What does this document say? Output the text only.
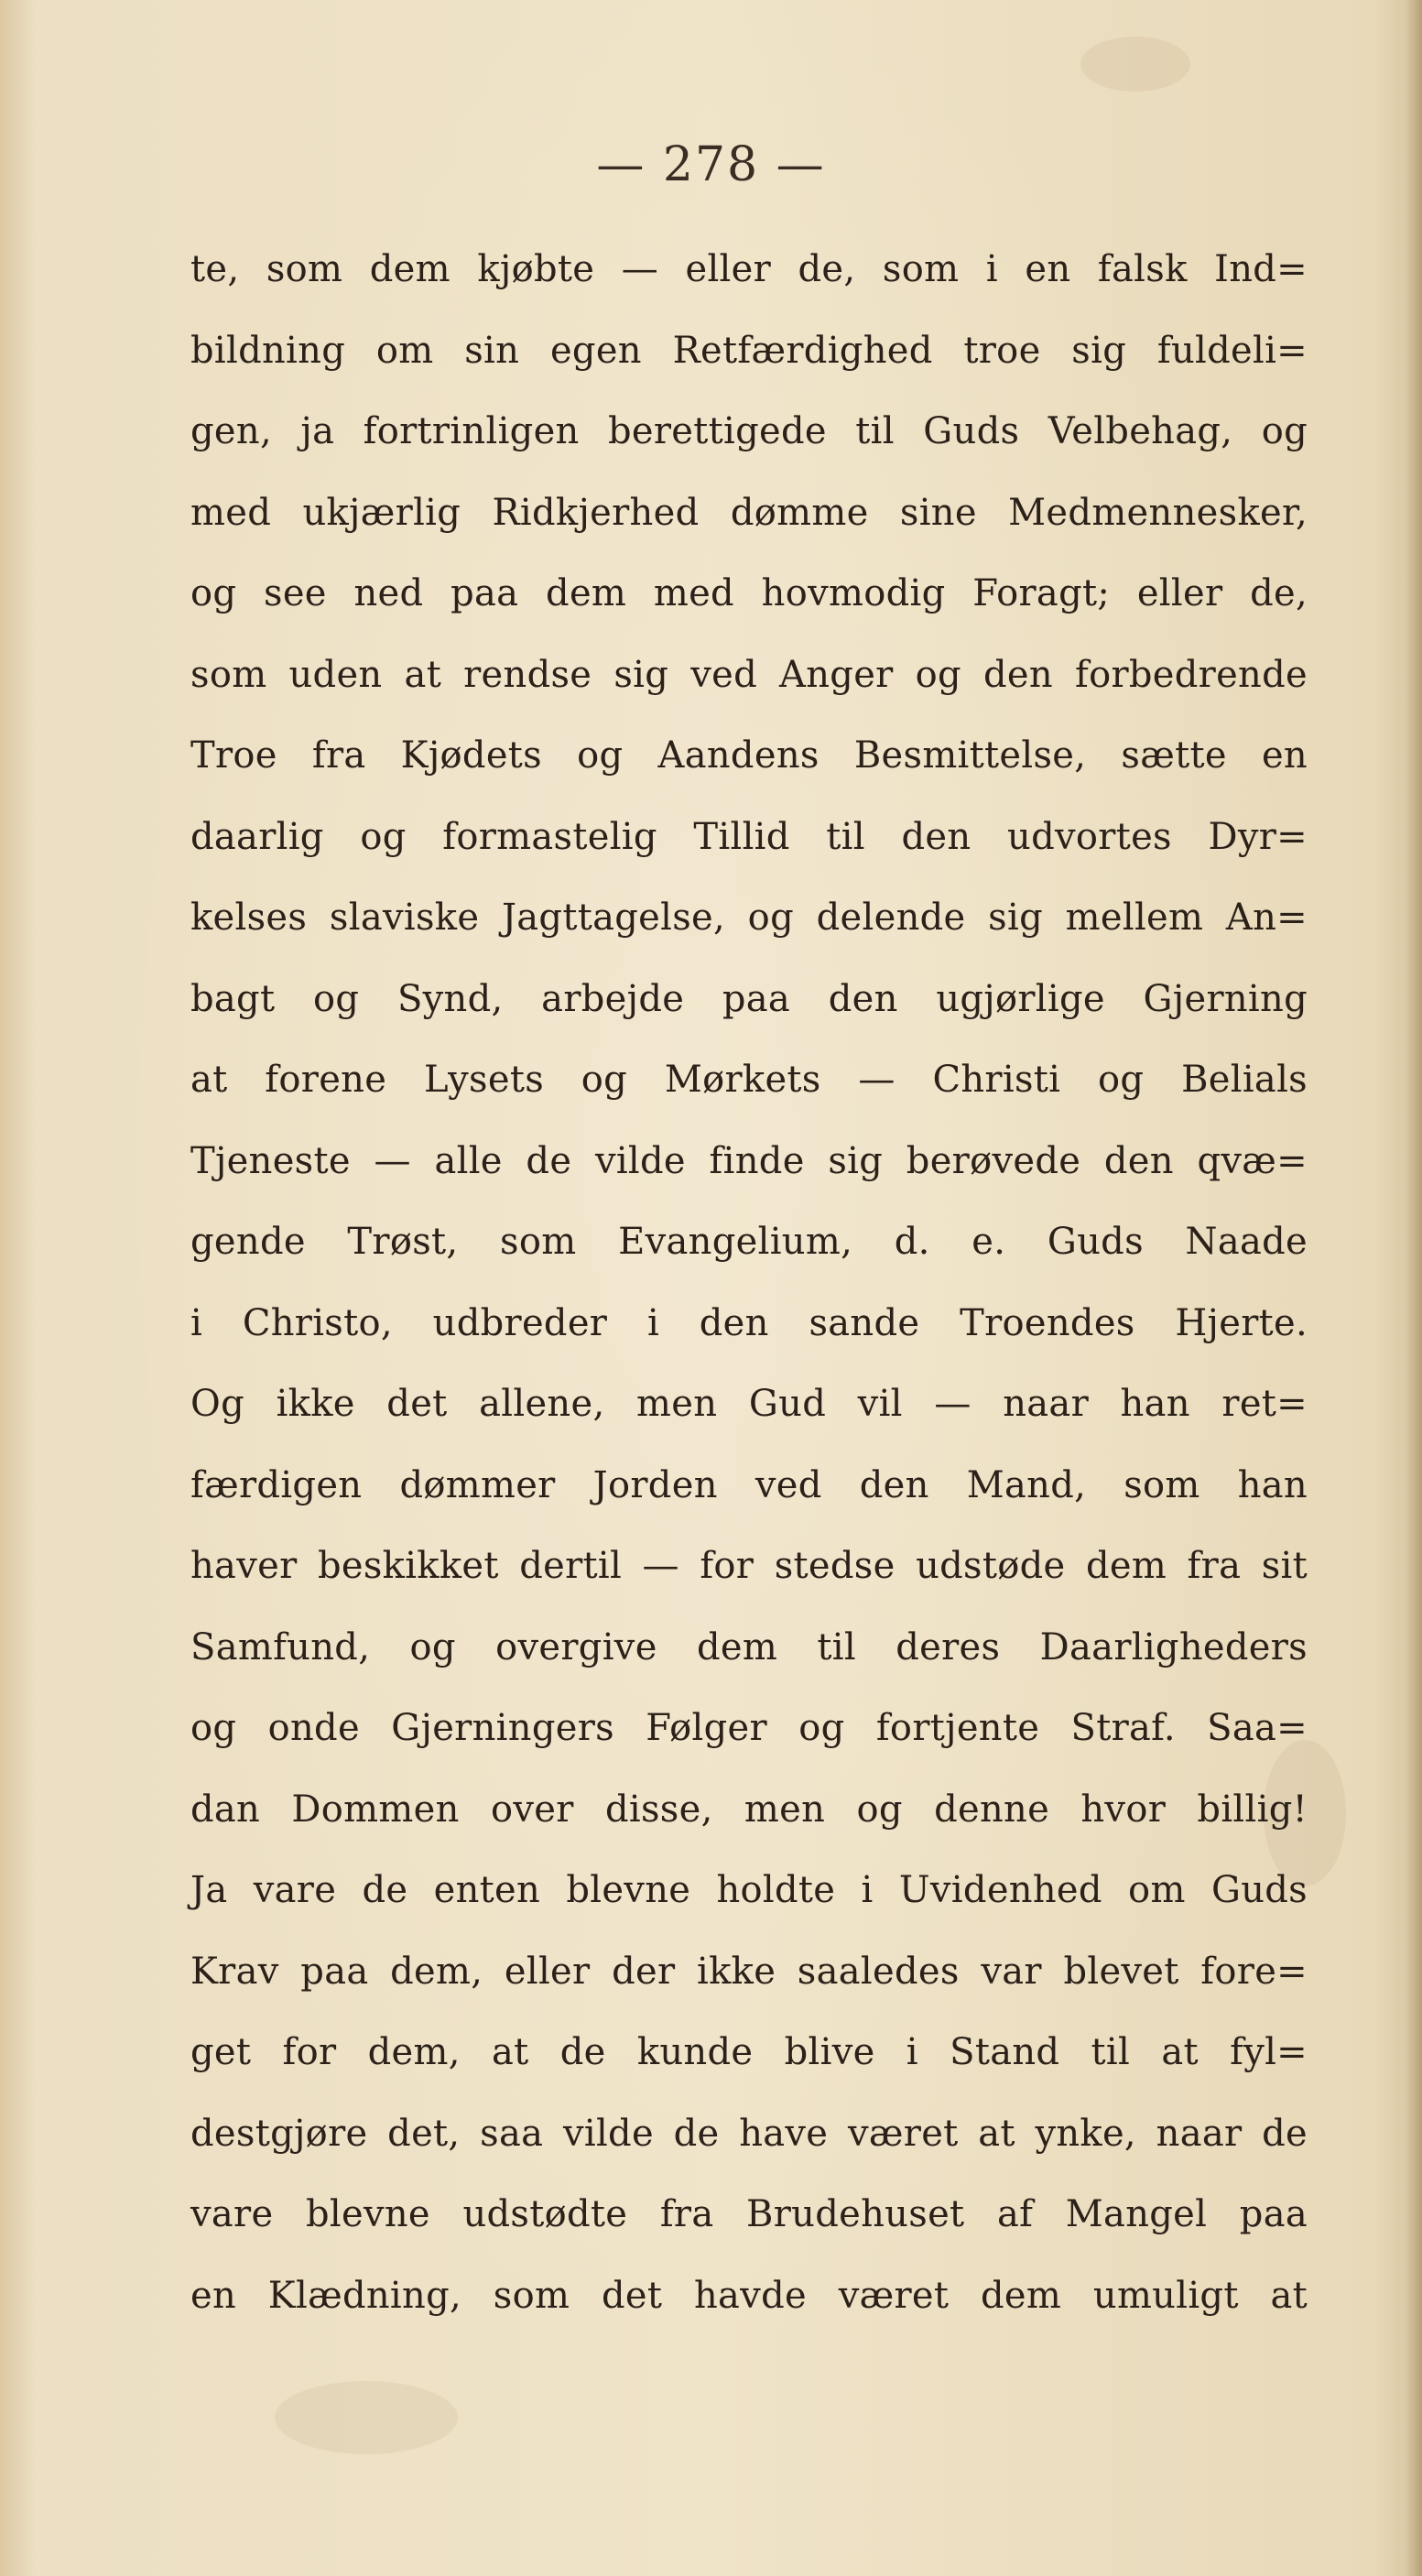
— 278 —
te, som dem kjøbte — eller de, som i en falsk Ind=
bildning om sin egen Retfærdighed troe sig fuldeli=
gen, ja fortrinligen berettigede til Guds Velbehag, og
med ukjærlig Ridkjerhed dømme sine Medmennesker,
og see ned paa dem med hovmodig Foragt; eller de,
som uden at rendse sig ved Anger og den forbedrende
Troe fra Kjødets og Aandens Besmittelse, sætte en
daarlig og formastelig Tillid til den udvortes Dyr=
kelses slaviske Jagttagelse, og delende sig mellem An=
bagt og Synd, arbejde paa den ugjørlige Gjerning
at forene Lysets og Mørkets — Christi og Belials
Tjeneste — alle de vilde finde sig berøvede den qvæ=
gende Trøst, som Evangelium, d. e. Guds Naade
i Christo, udbreder i den sande Troendes Hjerte.
Og ikke det allene, men Gud vil — naar han ret=
færdigen dømmer Jorden ved den Mand, som han
haver beskikket dertil — for stedse udstøde dem fra sit
Samfund, og overgive dem til deres Daarligheders
og onde Gjerningers Følger og fortjente Straf. Saa=
dan Dommen over disse, men og denne hvor billig!
Ja vare de enten blevne holdte i Uvidenhed om Guds
Krav paa dem, eller der ikke saaledes var blevet fore=
get for dem, at de kunde blive i Stand til at fyl=
destgjøre det, saa vilde de have været at ynke, naar de
vare blevne udstødte fra Brudehuset af Mangel paa
en Klædning, som det havde været dem umuligt at
